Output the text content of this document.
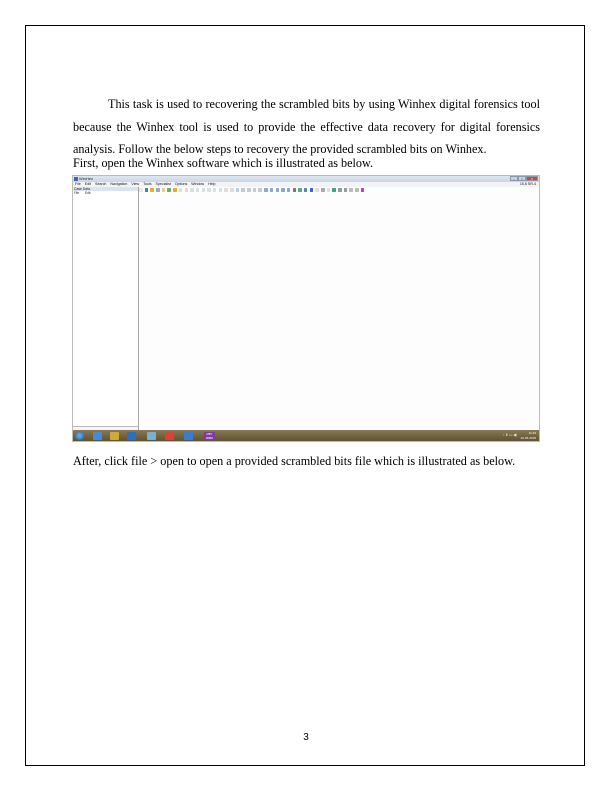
This task is used to recovering the scrambled bits by using Winhex digital forensics tool because the Winhex tool is used to provide the effective data recovery for digital forensics analysis. Follow the below steps to recovery the provided scrambled bits on Winhex.
First, open the Winhex software which is illustrated as below.
WinHex	–	□	✕
File	Edit	Search	Navigation	View	Tools	Specialist	Options	Window	Help	15.8 SR-4
Case Data
File Edit
MBY B0B0
‹ ⬆ ▭ ◀)	11:26
22-05-2018
After, click file > open to open a provided scrambled bits file which is illustrated as below.
3
